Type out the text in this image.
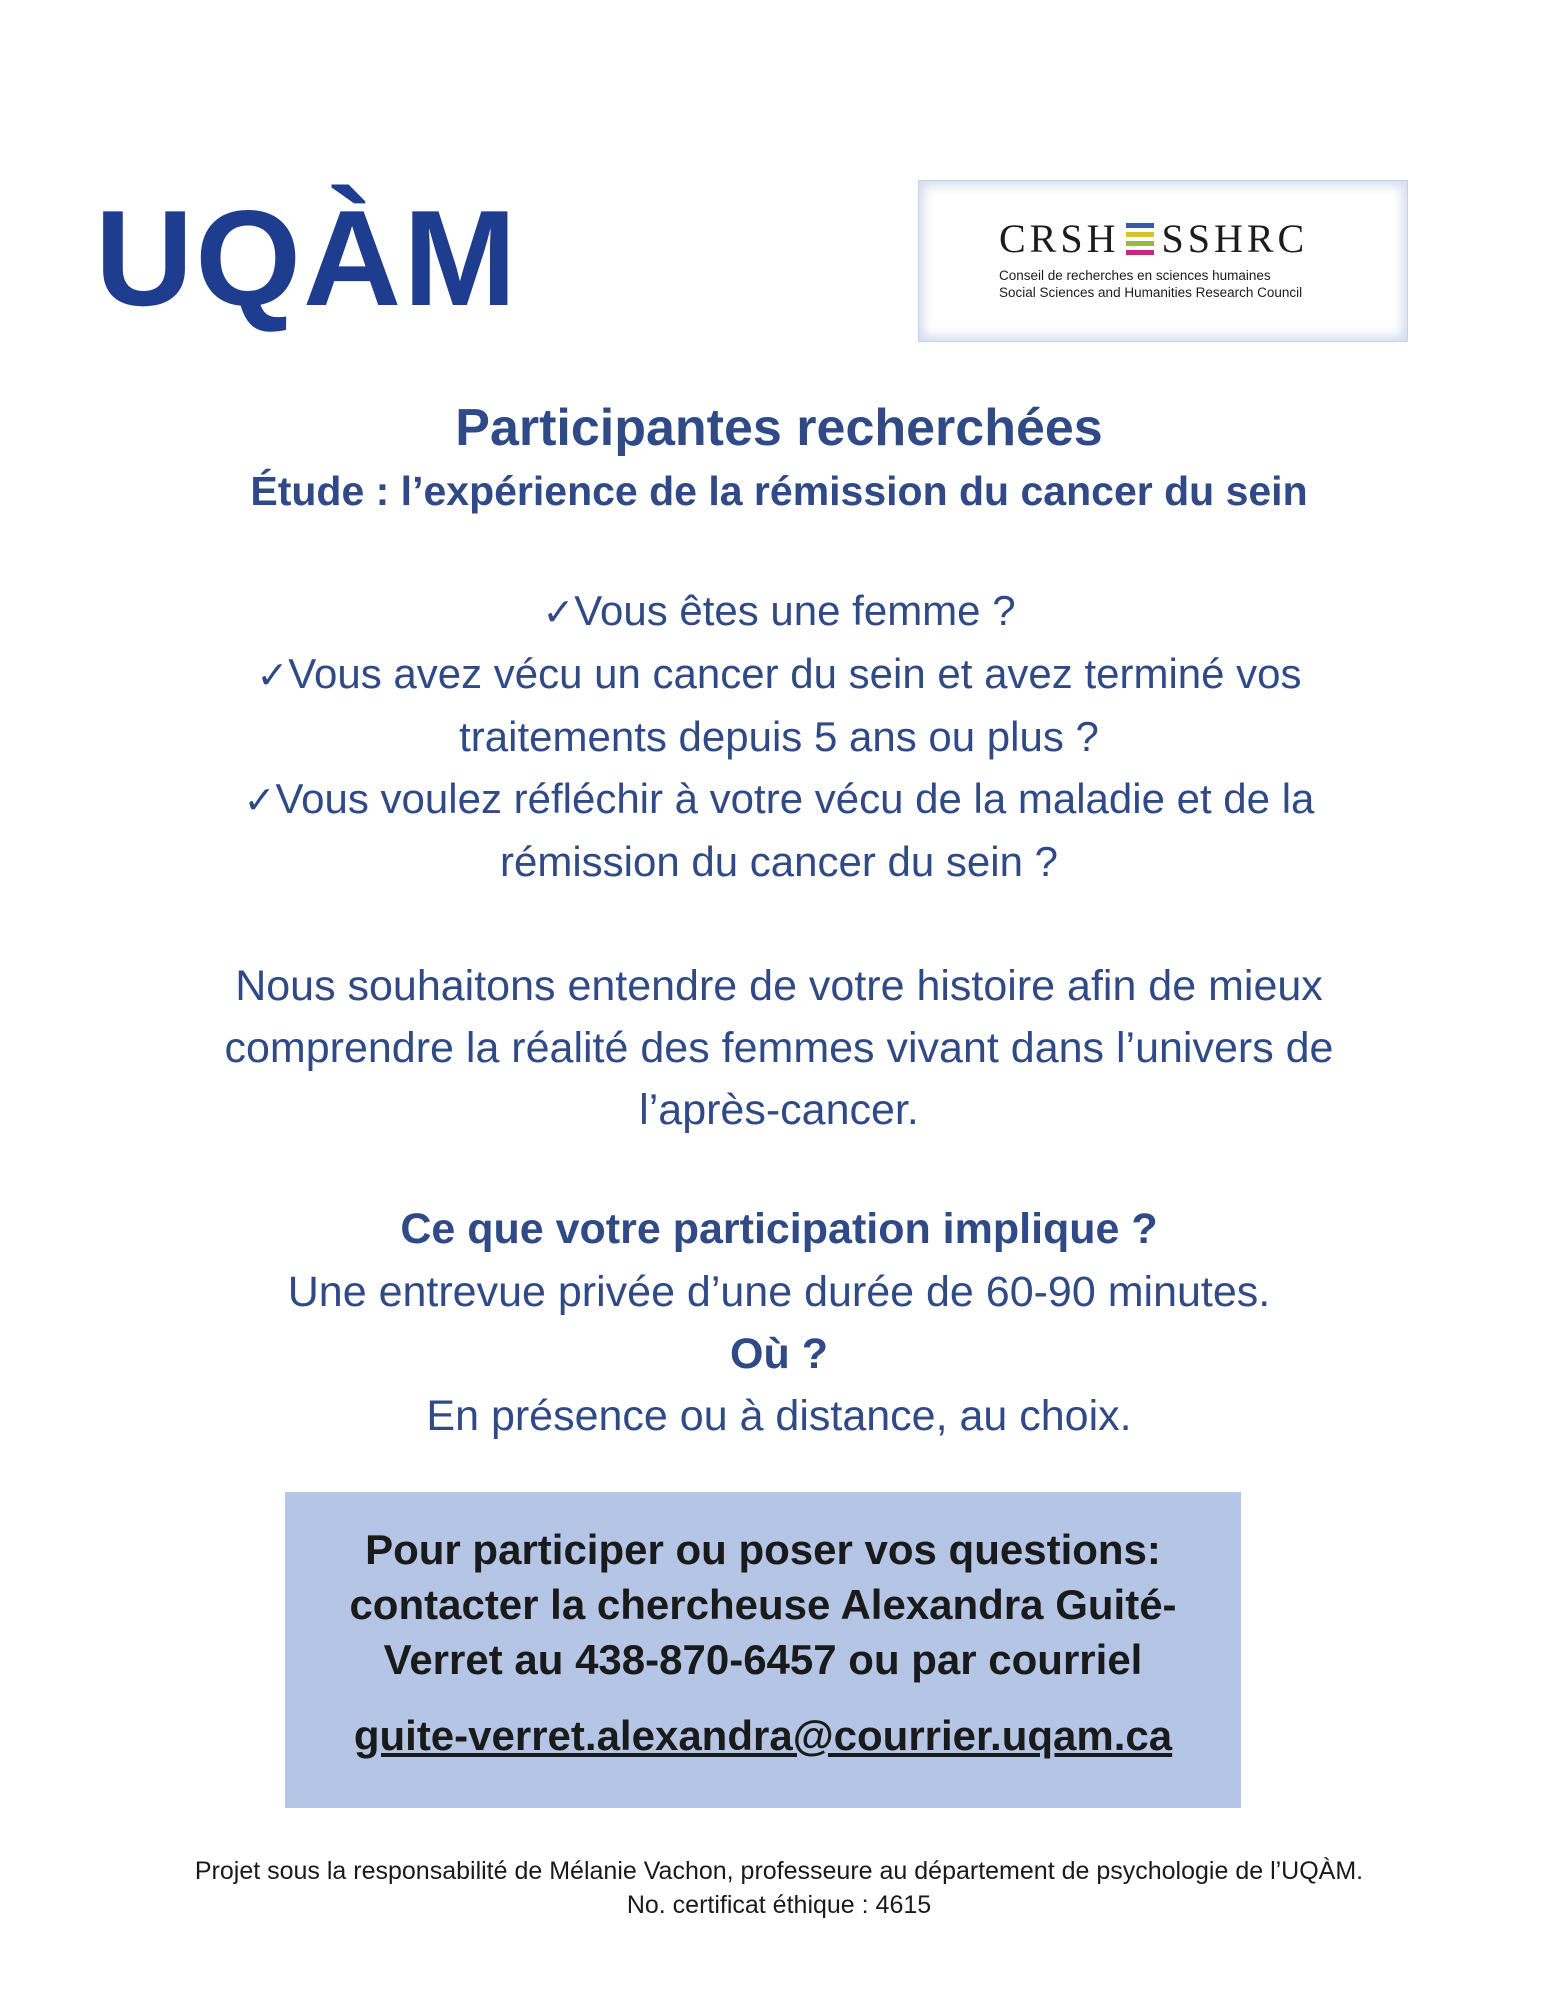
UQÀM	CRSH SSHRC
Conseil de recherches en sciences humaines
Social Sciences and Humanities Research Council
Participantes recherchées
Étude : l’expérience de la rémission du cancer du sein
✓Vous êtes une femme ?
✓Vous avez vécu un cancer du sein et avez terminé vos
traitements depuis 5 ans ou plus ?
✓Vous voulez réfléchir à votre vécu de la maladie et de la
rémission du cancer du sein ?
Nous souhaitons entendre de votre histoire afin de mieux
comprendre la réalité des femmes vivant dans l’univers de
l’après-cancer.
Ce que votre participation implique ?
Une entrevue privée d’une durée de 60-90 minutes.
Où ?
En présence ou à distance, au choix.
Pour participer ou poser vos questions:
contacter la chercheuse Alexandra Guité-
Verret au 438-870-6457 ou par courriel
guite-verret.alexandra@courrier.uqam.ca
Projet sous la responsabilité de Mélanie Vachon, professeure au département de psychologie de l’UQÀM.
No. certificat éthique : 4615
